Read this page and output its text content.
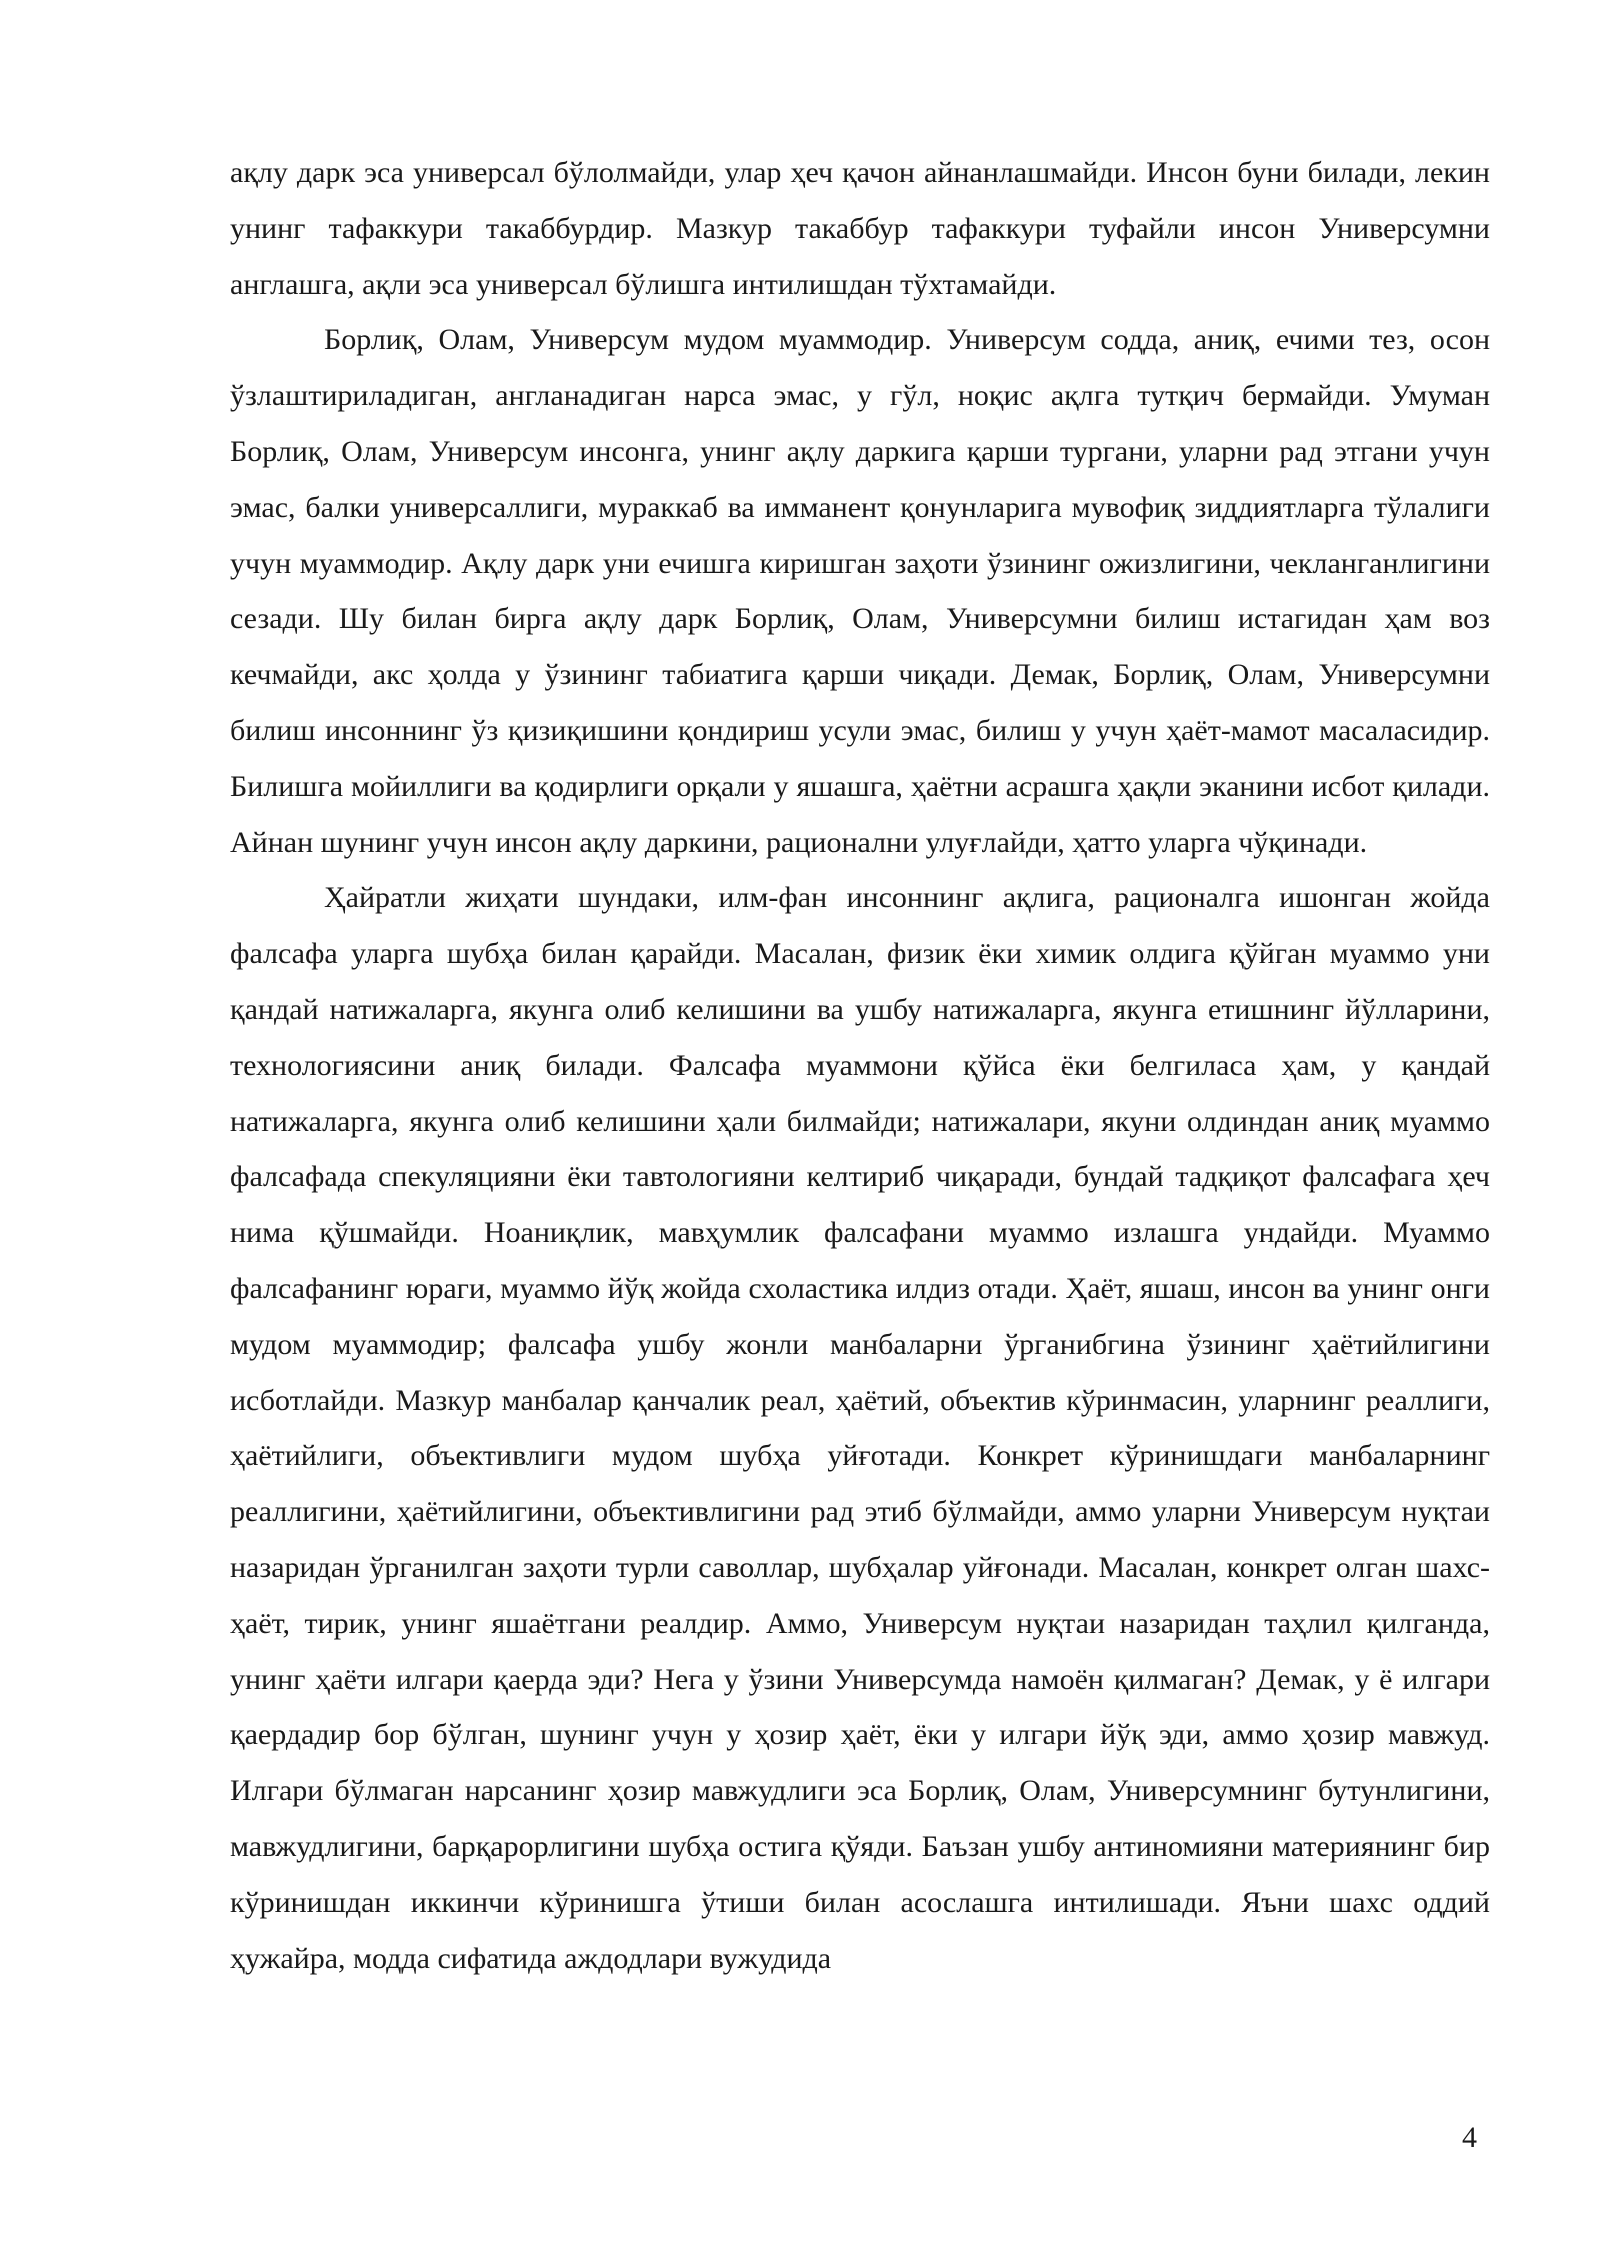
ақлу дарк эса универсал бўлолмайди, улар ҳеч қачон айнанлашмайди. Инсон буни билади, лекин унинг тафаккури такаббурдир. Мазкур такаббур тафаккури туфайли инсон Универсумни англашга, ақли эса универсал бўлишга интилишдан тўхтамайди.

Борлиқ, Олам, Универсум мудом муаммодир. Универсум содда, аниқ, ечими тез, осон ўзлаштириладиган, англанадиган нарса эмас, у гўл, ноқис ақлга тутқич бермайди. Умуман Борлиқ, Олам, Универсум инсонга, унинг ақлу даркига қарши тургани, уларни рад этгани учун эмас, балки универсаллиги, мураккаб ва имманент қонунларига мувофиқ зиддиятларга тўлалиги учун муаммодир. Ақлу дарк уни ечишга киришган заҳоти ўзининг ожизлигини, чекланганлигини сезади. Шу билан бирга ақлу дарк Борлиқ, Олам, Универсумни билиш истагидан ҳам воз кечмайди, акс ҳолда у ўзининг табиатига қарши чиқади. Демак, Борлиқ, Олам, Универсумни билиш инсоннинг ўз қизиқишини қондириш усули эмас, билиш у учун ҳаёт-мамот масаласидир. Билишга мойиллиги ва қодирлиги орқали у яшашга, ҳаётни асрашга ҳақли эканини исбот қилади. Айнан шунинг учун инсон ақлу даркини, рационални улуғлайди, ҳатто уларга чўқинади.

Ҳайратли жиҳати шундаки, илм-фан инсоннинг ақлига, рационалга ишонган жойда фалсафа уларга шубҳа билан қарайди. Масалан, физик ёки химик олдига қўйган муаммо уни қандай натижаларга, якунга олиб келишини ва ушбу натижаларга, якунга етишнинг йўлларини, технологиясини аниқ билади. Фалсафа муаммони қўйса ёки белгиласа ҳам, у қандай натижаларга, якунга олиб келишини ҳали билмайди; натижалари, якуни олдиндан аниқ муаммо фалсафада спекуляцияни ёки тавтологияни келтириб чиқаради, бундай тадқиқот фалсафага ҳеч нима қўшмайди. Ноаниқлик, мавҳумлик фалсафани муаммо излашга ундайди. Муаммо фалсафанинг юраги, муаммо йўқ жойда схоластика илдиз отади. Ҳаёт, яшаш, инсон ва унинг онги мудом муаммодир; фалсафа ушбу жонли манбаларни ўрганибгина ўзининг ҳаётийлигини исботлайди. Мазкур манбалар қанчалик реал, ҳаётий, объектив кўринмасин, уларнинг реаллиги, ҳаётийлиги, объективлиги мудом шубҳа уйғотади. Конкрет кўринишдаги манбаларнинг реаллигини, ҳаётийлигини, объективлигини рад этиб бўлмайди, аммо уларни Универсум нуқтаи назаридан ўрганилган заҳоти турли саволлар, шубҳалар уйғонади. Масалан, конкрет олган шахс-ҳаёт, тирик, унинг яшаётгани реалдир. Аммо, Универсум нуқтаи назаридан таҳлил қилганда, унинг ҳаёти илгари қаерда эди? Нега у ўзини Универсумда намоён қилмаган? Демак, у ё илгари қаердадир бор бўлган, шунинг учун у ҳозир ҳаёт, ёки у илгари йўқ эди, аммо ҳозир мавжуд. Илгари бўлмаган нарсанинг ҳозир мавжудлиги эса Борлиқ, Олам, Универсумнинг бутунлигини, мавжудлигини, барқарорлигини шубҳа остига қўяди. Баъзан ушбу антиномияни материянинг бир кўринишдан иккинчи кўринишга ўтиши билан асослашга интилишади. Яъни шахс оддий ҳужайра, модда сифатида аждодлари вужудида

4
